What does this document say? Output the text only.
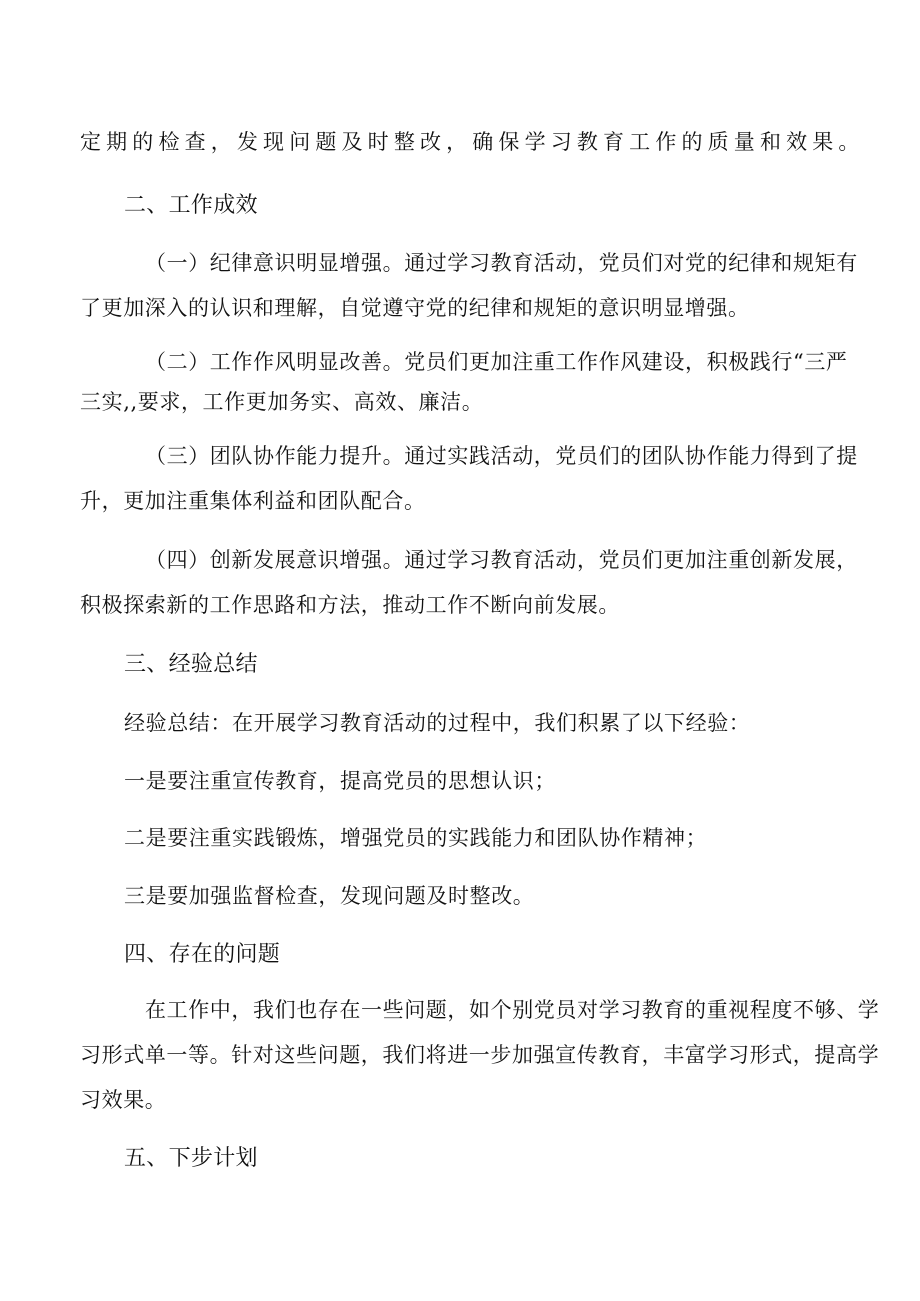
定期的检查，发现问题及时整改，确保学习教育工作的质量和效果。
二、工作成效
（一）纪律意识明显增强。通过学习教育活动，党员们对党的纪律和规矩有
了更加深入的认识和理解，自觉遵守党的纪律和规矩的意识明显增强。
（二）工作作风明显改善。党员们更加注重工作作风建设，积极践行“三严
三实,,要求，工作更加务实、高效、廉洁。
（三）团队协作能力提升。通过实践活动，党员们的团队协作能力得到了提
升，更加注重集体利益和团队配合。
（四）创新发展意识增强。通过学习教育活动，党员们更加注重创新发展，
积极探索新的工作思路和方法，推动工作不断向前发展。
三、经验总结
经验总结：在开展学习教育活动的过程中，我们积累了以下经验：
一是要注重宣传教育，提高党员的思想认识；
二是要注重实践锻炼，增强党员的实践能力和团队协作精神；
三是要加强监督检查，发现问题及时整改。
四、存在的问题
在工作中，我们也存在一些问题，如个别党员对学习教育的重视程度不够、学
习形式单一等。针对这些问题，我们将进一步加强宣传教育，丰富学习形式，提高学
习效果。
五、下步计划
